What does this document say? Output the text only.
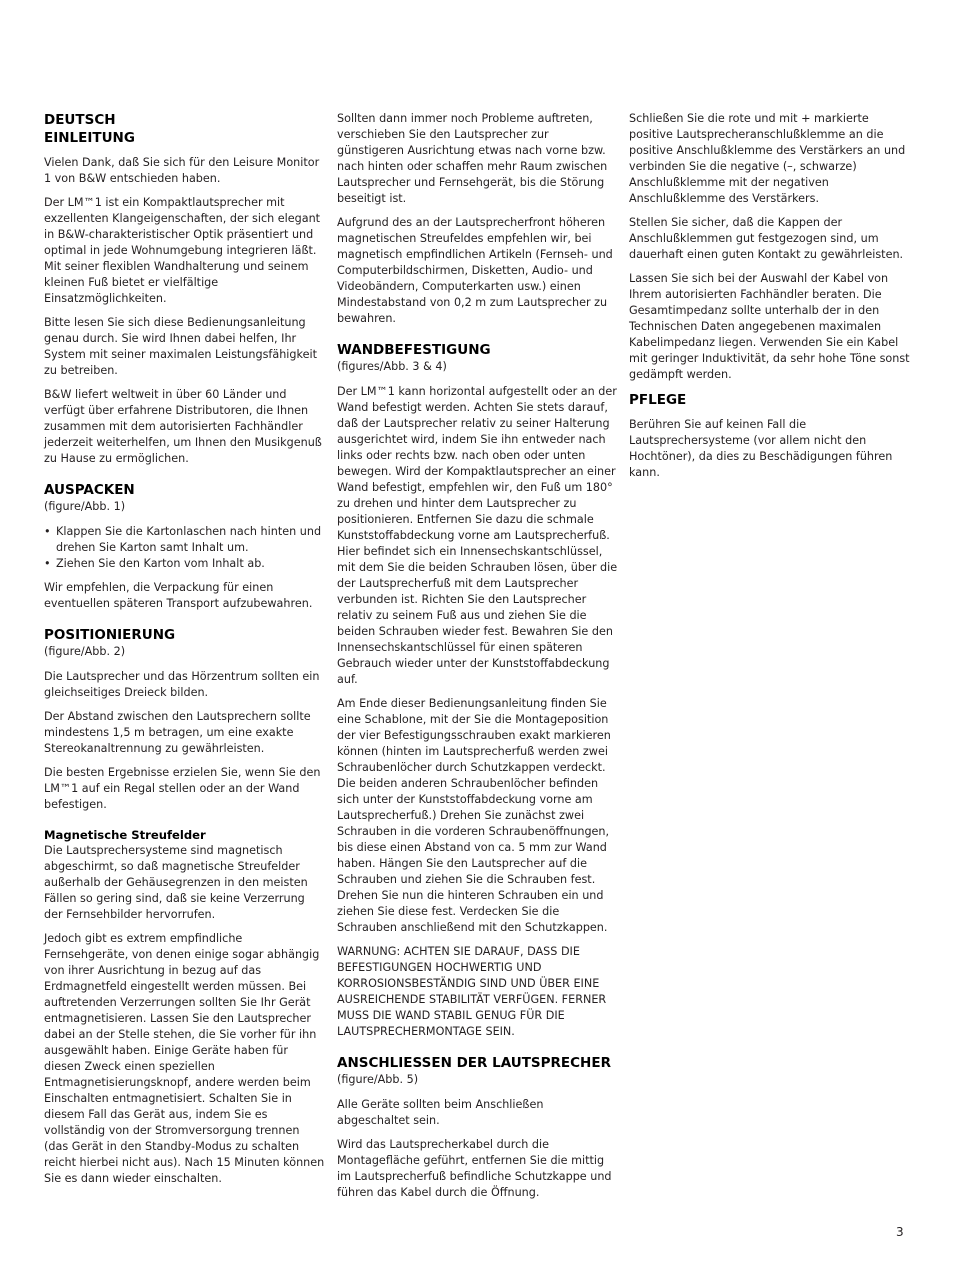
DEUTSCH
EINLEITUNG

Vielen Dank, daß Sie sich für den Leisure Monitor 1 von B&W entschieden haben.

Der LM™1 ist ein Kompaktlautsprecher mit exzellenten Klangeigenschaften, der sich elegant in B&W-charakteristischer Optik präsentiert und optimal in jede Wohnumgebung integrieren läßt. Mit seiner flexiblen Wandhalterung und seinem kleinen Fuß bietet er vielfältige Einsatzmöglichkeiten.

Bitte lesen Sie sich diese Bedienungsanleitung genau durch. Sie wird Ihnen dabei helfen, Ihr System mit seiner maximalen Leistungsfähigkeit zu betreiben.

B&W liefert weltweit in über 60 Länder und verfügt über erfahrene Distributoren, die Ihnen zusammen mit dem autorisierten Fachhändler jederzeit weiterhelfen, um Ihnen den Musikgenuß zu Hause zu ermöglichen.

AUSPACKEN
(figure/Abb. 1)
• Klappen Sie die Kartonlaschen nach hinten und drehen Sie Karton samt Inhalt um.
• Ziehen Sie den Karton vom Inhalt ab.

Wir empfehlen, die Verpackung für einen eventuellen späteren Transport aufzubewahren.

POSITIONIERUNG
(figure/Abb. 2)

Die Lautsprecher und das Hörzentrum sollten ein gleichseitiges Dreieck bilden.

Der Abstand zwischen den Lautsprechern sollte mindestens 1,5 m betragen, um eine exakte Stereokanaltrennung zu gewährleisten.

Die besten Ergebnisse erzielen Sie, wenn Sie den LM™1 auf ein Regal stellen oder an der Wand befestigen.

Magnetische Streufelder

Die Lautsprechersysteme sind magnetisch abgeschirmt, so daß magnetische Streufelder außerhalb der Gehäusegrenzen in den meisten Fällen so gering sind, daß sie keine Verzerrung der Fernsehbilder hervorrufen.

Jedoch gibt es extrem empfindliche Fernsehgeräte, von denen einige sogar abhängig von ihrer Ausrichtung in bezug auf das Erdmagnetfeld eingestellt werden müssen. Bei auftretenden Verzerrungen sollten Sie Ihr Gerät entmagnetisieren. Lassen Sie den Lautsprecher dabei an der Stelle stehen, die Sie vorher für ihn ausgewählt haben. Einige Geräte haben für diesen Zweck einen speziellen Entmagnetisierungsknopf, andere werden beim Einschalten entmagnetisiert. Schalten Sie in diesem Fall das Gerät aus, indem Sie es vollständig von der Stromversorgung trennen (das Gerät in den Standby-Modus zu schalten reicht hierbei nicht aus). Nach 15 Minuten können Sie es dann wieder einschalten.

Sollten dann immer noch Probleme auftreten, verschieben Sie den Lautsprecher zur günstigeren Ausrichtung etwas nach vorne bzw. nach hinten oder schaffen mehr Raum zwischen Lautsprecher und Fernsehgerät, bis die Störung beseitigt ist.

Aufgrund des an der Lautsprecherfront höheren magnetischen Streufeldes empfehlen wir, bei magnetisch empfindlichen Artikeln (Fernseh- und Computerbildschirmen, Disketten, Audio- und Videobändern, Computerkarten usw.) einen Mindestabstand von 0,2 m zum Lautsprecher zu bewahren.

WANDBEFESTIGUNG
(figures/Abb. 3 & 4)

Der LM™1 kann horizontal aufgestellt oder an der Wand befestigt werden. Achten Sie stets darauf, daß der Lautsprecher relativ zu seiner Halterung ausgerichtet wird, indem Sie ihn entweder nach links oder rechts bzw. nach oben oder unten bewegen. Wird der Kompaktlautsprecher an einer Wand befestigt, empfehlen wir, den Fuß um 180° zu drehen und hinter dem Lautsprecher zu positionieren. Entfernen Sie dazu die schmale Kunststoffabdeckung vorne am Lautsprecherfuß. Hier befindet sich ein Innensechskantschlüssel, mit dem Sie die beiden Schrauben lösen, über die der Lautsprecherfuß mit dem Lautsprecher verbunden ist. Richten Sie den Lautsprecher relativ zu seinem Fuß aus und ziehen Sie die beiden Schrauben wieder fest. Bewahren Sie den Innensechskantschlüssel für einen späteren Gebrauch wieder unter der Kunststoffabdeckung auf.

Am Ende dieser Bedienungsanleitung finden Sie eine Schablone, mit der Sie die Montageposition der vier Befestigungsschrauben exakt markieren können (hinten im Lautsprecherfuß werden zwei Schraubenlöcher durch Schutzkappen verdeckt. Die beiden anderen Schraubenlöcher befinden sich unter der Kunststoffabdeckung vorne am Lautsprecherfuß.) Drehen Sie zunächst zwei Schrauben in die vorderen Schraubenöffnungen, bis diese einen Abstand von ca. 5 mm zur Wand haben. Hängen Sie den Lautsprecher auf die Schrauben und ziehen Sie die Schrauben fest. Drehen Sie nun die hinteren Schrauben ein und ziehen Sie diese fest. Verdecken Sie die Schrauben anschließend mit den Schutzkappen.

WARNUNG: ACHTEN SIE DARAUF, DASS DIE BEFESTIGUNGEN HOCHWERTIG UND KORROSIONSBESTÄNDIG SIND UND ÜBER EINE AUSREICHENDE STABILITÄT VERFÜGEN. FERNER MUSS DIE WAND STABIL GENUG FÜR DIE LAUTSPRECHERMONTAGE SEIN.

ANSCHLIESSEN DER LAUTSPRECHER
(figure/Abb. 5)

Alle Geräte sollten beim Anschließen abgeschaltet sein.

Wird das Lautsprecherkabel durch die Montagefläche geführt, entfernen Sie die mittig im Lautsprecherfuß befindliche Schutzkappe und führen das Kabel durch die Öffnung.

Schließen Sie die rote und mit + markierte positive Lautsprecheranschlußklemme an die positive Anschlußklemme des Verstärkers an und verbinden Sie die negative (–, schwarze) Anschlußklemme mit der negativen Anschlußklemme des Verstärkers.

Stellen Sie sicher, daß die Kappen der Anschlußklemmen gut festgezogen sind, um dauerhaft einen guten Kontakt zu gewährleisten.

Lassen Sie sich bei der Auswahl der Kabel von Ihrem autorisierten Fachhändler beraten. Die Gesamtimpedanz sollte unterhalb der in den Technischen Daten angegebenen maximalen Kabelimpedanz liegen. Verwenden Sie ein Kabel mit geringer Induktivität, da sehr hohe Töne sonst gedämpft werden.

PFLEGE

Berühren Sie auf keinen Fall die Lautsprechersysteme (vor allem nicht den Hochtöner), da dies zu Beschädigungen führen kann.

3
